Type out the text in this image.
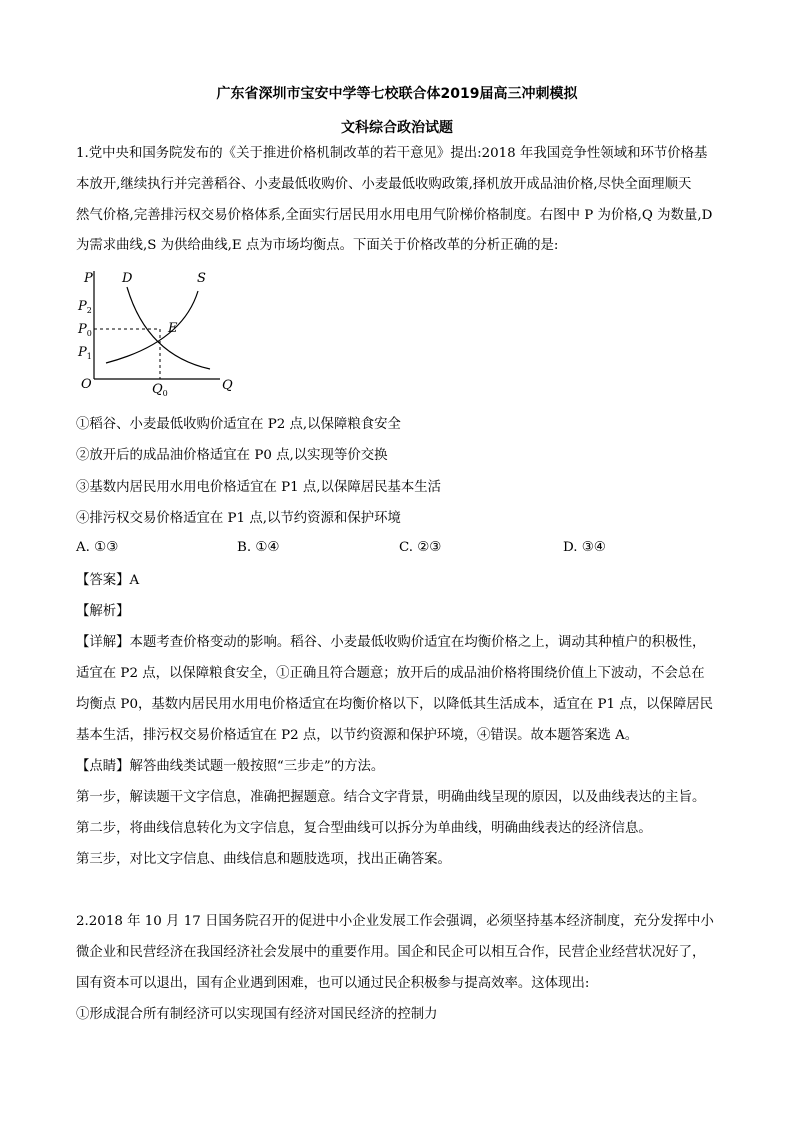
广东省深圳市宝安中学等七校联合体2019届高三冲刺模拟
文科综合政治试题
1.党中央和国务院发布的《关于推进价格机制改革的若干意见》提出:2018 年我国竞争性领域和环节价格基
本放开,继续执行并完善稻谷、小麦最低收购价、小麦最低收购政策,择机放开成品油价格,尽快全面理顺天
然气价格,完善排污权交易价格体系,全面实行居民用水用电用气阶梯价格制度。右图中 P 为价格,Q 为数量,D
为需求曲线,S 为供给曲线,E 点为市场均衡点。下面关于价格改革的分析正确的是:
P
O	Q
D	S
E
$P_2$
$P_0$
$P_1$
$Q_0$
①稻谷、小麦最低收购价适宜在 P2 点,以保障粮食安全
②放开后的成品油价格适宜在 P0 点,以实现等价交换
③基数内居民用水用电价格适宜在 P1 点,以保障居民基本生活
④排污权交易价格适宜在 P1 点,以节约资源和保护环境
A. ①③	B. ①④	C. ②③	D. ③④
【答案】A
【解析】
【详解】本题考查价格变动的影响。稻谷、小麦最低收购价适宜在均衡价格之上，调动其种植户的积极性，
适宜在 P2 点，以保障粮食安全，①正确且符合题意；放开后的成品油价格将围绕价值上下波动，不会总在
均衡点 P0，基数内居民用水用电价格适宜在均衡价格以下，以降低其生活成本，适宜在 P1 点，以保障居民
基本生活，排污权交易价格适宜在 P2 点，以节约资源和保护环境，④错误。故本题答案选 A。
【点睛】解答曲线类试题一般按照“三步走”的方法。
第一步，解读题干文字信息，准确把握题意。结合文字背景，明确曲线呈现的原因，以及曲线表达的主旨。
第二步，将曲线信息转化为文字信息，复合型曲线可以拆分为单曲线，明确曲线表达的经济信息。
第三步，对比文字信息、曲线信息和题肢选项，找出正确答案。
2.2018 年 10 月 17 日国务院召开的促进中小企业发展工作会强调，必须坚持基本经济制度，充分发挥中小
微企业和民营经济在我国经济社会发展中的重要作用。国企和民企可以相互合作，民营企业经营状况好了，
国有资本可以退出，国有企业遇到困难，也可以通过民企积极参与提高效率。这体现出:
①形成混合所有制经济可以实现国有经济对国民经济的控制力
